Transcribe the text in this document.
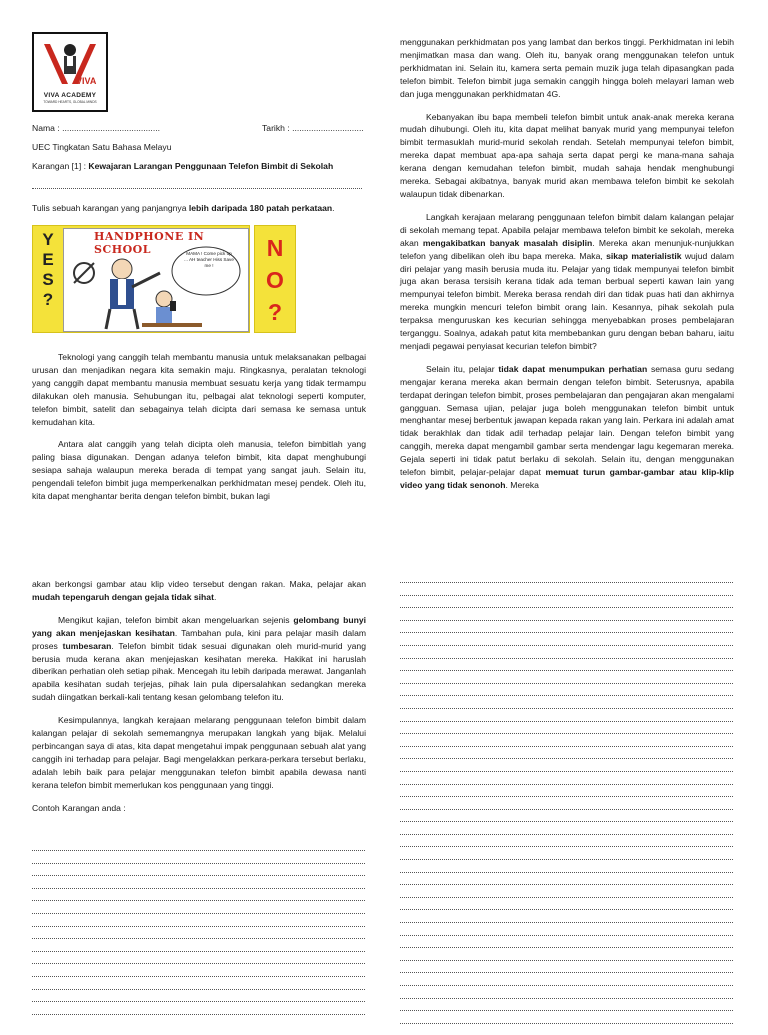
VIVA
VIVA ACADEMY
TOWARD HEARTS, GLOBAL MINDS
Nama : .........................................	Tarikh : ..............................
UEC Tingkatan Satu Bahasa Melayu
Karangan [1] : Kewajaran Larangan Penggunaan Telefon Bimbit di Sekolah
Tulis sebuah karangan yang panjangnya lebih daripada 180 patah perkataan.
Y
E
S
?
HANDPHONE IN SCHOOL	MAMA ! Come pick up ... AH teacher Hiss Save me !
N
O
?

Teknologi yang canggih telah membantu manusia untuk melaksanakan pelbagai urusan dan menjadikan negara kita semakin maju. Ringkasnya, peralatan teknologi yang canggih dapat membantu manusia membuat sesuatu kerja yang tidak termampu dilakukan oleh manusia. Sehubungan itu, pelbagai alat teknologi seperti komputer, telefon bimbit, satelit dan sebagainya telah dicipta dari semasa ke semasa untuk kemudahan kita.

Antara alat canggih yang telah dicipta oleh manusia, telefon bimbitlah yang paling biasa digunakan. Dengan adanya telefon bimbit, kita dapat menghubungi sesiapa sahaja walaupun mereka berada di tempat yang sangat jauh. Selain itu, pengendali telefon bimbit juga memperkenalkan perkhidmatan mesej pendek. Oleh itu, kita dapat menghantar berita dengan telefon bimbit, bukan lagi

menggunakan perkhidmatan pos yang lambat dan berkos tinggi. Perkhidmatan ini lebih menjimatkan masa dan wang. Oleh itu, banyak orang menggunakan telefon untuk perkhidmatan ini. Selain itu, kamera serta pemain muzik juga telah dipasangkan pada telefon bimbit. Telefon bimbit juga semakin canggih hingga boleh melayari laman web dan juga menggunakan perkhidmatan 4G.

Kebanyakan ibu bapa membeli telefon bimbit untuk anak-anak mereka kerana mudah dihubungi. Oleh itu, kita dapat melihat banyak murid yang mempunyai telefon bimbit termasuklah murid-murid sekolah rendah. Setelah mempunyai telefon bimbit, mereka dapat membuat apa-apa sahaja serta dapat pergi ke mana-mana sahaja kerana dengan kemudahan telefon bimbit, mudah sahaja hendak menghubungi mereka. Sebagai akibatnya, banyak murid akan membawa telefon bimbit ke sekolah walaupun tidak dibenarkan.

Langkah kerajaan melarang penggunaan telefon bimbit dalam kalangan pelajar di sekolah memang tepat. Apabila pelajar membawa telefon bimbit ke sekolah, mereka akan mengakibatkan banyak masalah disiplin. Mereka akan menunjuk-nunjukkan telefon yang dibelikan oleh ibu bapa mereka. Maka, sikap materialistik wujud dalam diri pelajar yang masih berusia muda itu. Pelajar yang tidak mempunyai telefon bimbit juga akan berasa tersisih kerana tidak ada teman berbual seperti kawan lain yang mempunyai telefon bimbit. Mereka berasa rendah diri dan tidak puas hati dan akhirnya mereka mungkin mencuri telefon bimbit orang lain. Kesannya, pihak sekolah pula terpaksa menguruskan kes kecurian sehingga menyebabkan proses pembelajaran terganggu. Soalnya, adakah patut kita membebankan guru dengan beban baharu, iaitu menjadi pegawai penyiasat kecurian telefon bimbit?

Selain itu, pelajar tidak dapat menumpukan perhatian semasa guru sedang mengajar kerana mereka akan bermain dengan telefon bimbit. Seterusnya, apabila terdapat deringan telefon bimbit, proses pembelajaran dan pengajaran akan mengalami gangguan. Semasa ujian, pelajar juga boleh menggunakan telefon bimbit untuk menghantar mesej berbentuk jawapan kepada rakan yang lain. Perkara ini adalah amat tidak berakhlak dan tidak adil terhadap pelajar lain. Dengan telefon bimbit yang canggih, mereka dapat mengambil gambar serta mendengar lagu kegemaran mereka. Gejala seperti ini tidak patut berlaku di sekolah. Selain itu, dengan menggunakan telefon bimbit, pelajar-pelajar dapat memuat turun gambar-gambar atau klip-klip video yang tidak senonoh. Mereka

akan berkongsi gambar atau klip video tersebut dengan rakan. Maka, pelajar akan mudah tepengaruh dengan gejala tidak sihat.

Mengikut kajian, telefon bimbit akan mengeluarkan sejenis gelombang bunyi yang akan menjejaskan kesihatan. Tambahan pula, kini para pelajar masih dalam proses tumbesaran. Telefon bimbit tidak sesuai digunakan oleh murid-murid yang berusia muda kerana akan menjejaskan kesihatan mereka. Hakikat ini haruslah diberikan perhatian oleh setiap pihak. Mencegah itu lebih daripada merawat. Janganlah apabila kesihatan sudah terjejas, pihak lain pula dipersalahkan sedangkan mereka sudah diingatkan berkali-kali tentang kesan gelombang telefon itu.

Kesimpulannya, langkah kerajaan melarang penggunaan telefon bimbit dalam kalangan pelajar di sekolah sememangnya merupakan langkah yang bijak. Melalui perbincangan saya di atas, kita dapat mengetahui impak penggunaan sebuah alat yang canggih ini terhadap para pelajar. Bagi mengelakkan perkara-perkara tersebut berlaku, adalah lebih baik para pelajar menggunakan telefon bimbit apabila dewasa nanti kerana telefon bimbit memerlukan kos penggunaan yang tinggi.

Contoh Karangan anda :
